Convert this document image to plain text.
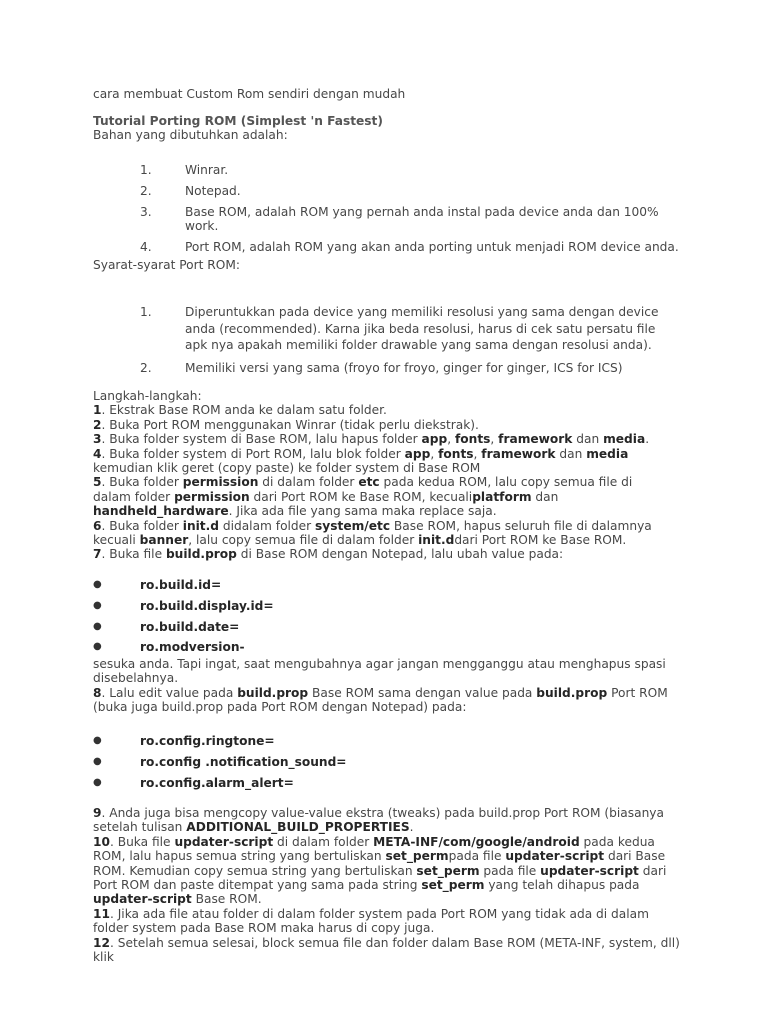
cara membuat Custom Rom sendiri dengan mudah
Tutorial Porting ROM (Simplest 'n Fastest)
Bahan yang dibutuhkan adalah:
1.	Winrar.
2.	Notepad.
3.	Base ROM, adalah ROM yang pernah anda instal pada device anda dan 100% work.
4.	Port ROM, adalah ROM yang akan anda porting untuk menjadi ROM device anda.
Syarat-syarat Port ROM:
1.	Diperuntukkan pada device yang memiliki resolusi yang sama dengan device anda (recommended). Karna jika beda resolusi, harus di cek satu persatu file apk nya apakah memiliki folder drawable yang sama dengan resolusi anda).
2.	Memiliki versi yang sama (froyo for froyo, ginger for ginger, ICS for ICS)
Langkah-langkah:
1. Ekstrak Base ROM anda ke dalam satu folder.
2. Buka Port ROM menggunakan Winrar (tidak perlu diekstrak).
3. Buka folder system di Base ROM, lalu hapus folder app, fonts, framework dan media.
4. Buka folder system di Port ROM, lalu blok folder app, fonts, framework dan media kemudian klik geret (copy paste) ke folder system di Base ROM
5. Buka folder permission di dalam folder etc pada kedua ROM, lalu copy semua file di dalam folder permission dari Port ROM ke Base ROM, kecualiplatform dan handheld_hardware. Jika ada file yang sama maka replace saja.
6. Buka folder init.d didalam folder system/etc Base ROM, hapus seluruh file di dalamnya kecuali banner, lalu copy semua file di dalam folder init.ddari Port ROM ke Base ROM.
7. Buka file build.prop di Base ROM dengan Notepad, lalu ubah value pada:
●	ro.build.id=
●	ro.build.display.id=
●	ro.build.date=
●	ro.modversion-
sesuka anda. Tapi ingat, saat mengubahnya agar jangan mengganggu atau menghapus spasi disebelahnya.
8. Lalu edit value pada build.prop Base ROM sama dengan value pada build.prop Port ROM (buka juga build.prop pada Port ROM dengan Notepad) pada:
●	ro.config.ringtone=
●	ro.config .notification_sound=
●	ro.config.alarm_alert=
9. Anda juga bisa mengcopy value-value ekstra (tweaks) pada build.prop Port ROM (biasanya setelah tulisan ADDITIONAL_BUILD_PROPERTIES.
10. Buka file updater-script di dalam folder META-INF/com/google/android pada kedua ROM, lalu hapus semua string yang bertuliskan set_permpada file updater-script dari Base ROM. Kemudian copy semua string yang bertuliskan set_perm pada file updater-script dari Port ROM dan paste ditempat yang sama pada string set_perm yang telah dihapus pada updater-script Base ROM.
11. Jika ada file atau folder di dalam folder system pada Port ROM yang tidak ada di dalam folder system pada Base ROM maka harus di copy juga.
12. Setelah semua selesai, block semua file dan folder dalam Base ROM (META-INF, system, dll) klik
